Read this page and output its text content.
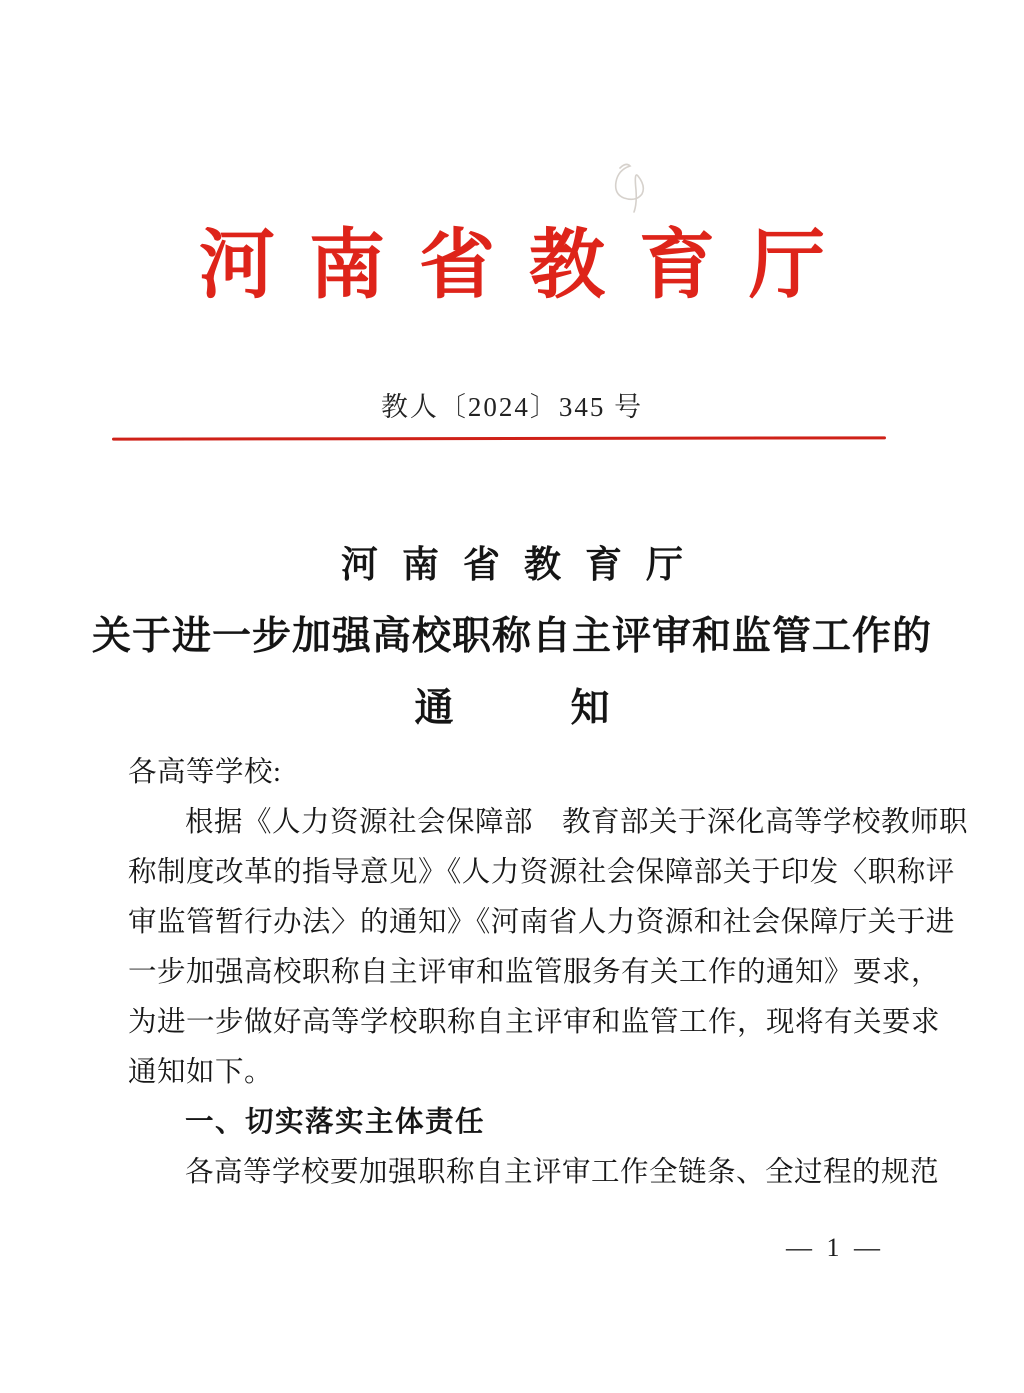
河南省教育厅
教人〔2024〕345 号
河南省教育厅
关于进一步加强高校职称自主评审和监管工作的
通　　　知
各高等学校:
根据《人力资源社会保障部　教育部关于深化高等学校教师职
称制度改革的指导意见》《人力资源社会保障部关于印发〈职称评
审监管暂行办法〉的通知》《河南省人力资源和社会保障厅关于进
一步加强高校职称自主评审和监管服务有关工作的通知》要求，
为进一步做好高等学校职称自主评审和监管工作，现将有关要求
通知如下。
一、切实落实主体责任
各高等学校要加强职称自主评审工作全链条、全过程的规范
— 1 —
